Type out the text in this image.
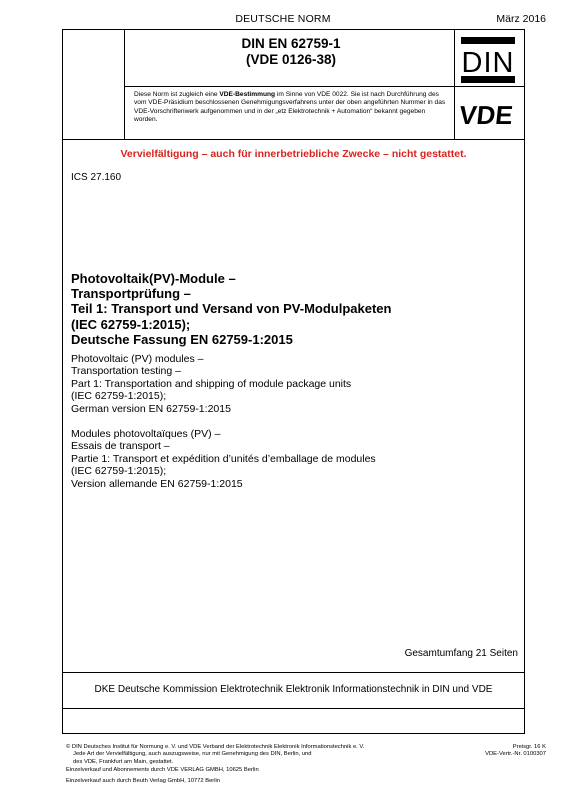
DEUTSCHE NORM	März 2016
DIN EN 62759-1
(VDE 0126-38)	DIN
Diese Norm ist zugleich eine VDE-Bestimmung im Sinne von VDE 0022. Sie ist nach Durchführung des vom VDE-Präsidium beschlossenen Genehmigungsverfahrens unter der oben angeführten Nummer in das VDE-Vorschriftenwerk aufgenommen und in der „etz Elektrotechnik + Automation“ bekannt gegeben worden.	VDE
Vervielfältigung – auch für innerbetriebliche Zwecke – nicht gestattet.
ICS 27.160
Photovoltaik(PV)-Module –
Transportprüfung –
Teil 1: Transport und Versand von PV-Modulpaketen
(IEC 62759-1:2015);
Deutsche Fassung EN 62759-1:2015
Photovoltaic (PV) modules –
Transportation testing –
Part 1: Transportation and shipping of module package units
(IEC 62759-1:2015);
German version EN 62759-1:2015
Modules photovoltaïques (PV) –
Essais de transport –
Partie 1: Transport et expédition d’unités d’emballage de modules
(IEC 62759-1:2015);
Version allemande EN 62759-1:2015
Gesamtumfang 21 Seiten
DKE Deutsche Kommission Elektrotechnik Elektronik Informationstechnik in DIN und VDE
© DIN Deutsches Institut für Normung e. V. und VDE Verband der Elektrotechnik Elektronik Informationstechnik e. V.
Jede Art der Vervielfältigung, auch auszugsweise, nur mit Genehmigung des DIN, Berlin, und
des VDE, Frankfurt am Main, gestattet.
Einzelverkauf und Abonnements durch VDE VERLAG GMBH, 10625 Berlin
Einzelverkauf auch durch Beuth Verlag GmbH, 10772 Berlin
Preisgr. 16 K
VDE-Vertr.-Nr. 0100307
